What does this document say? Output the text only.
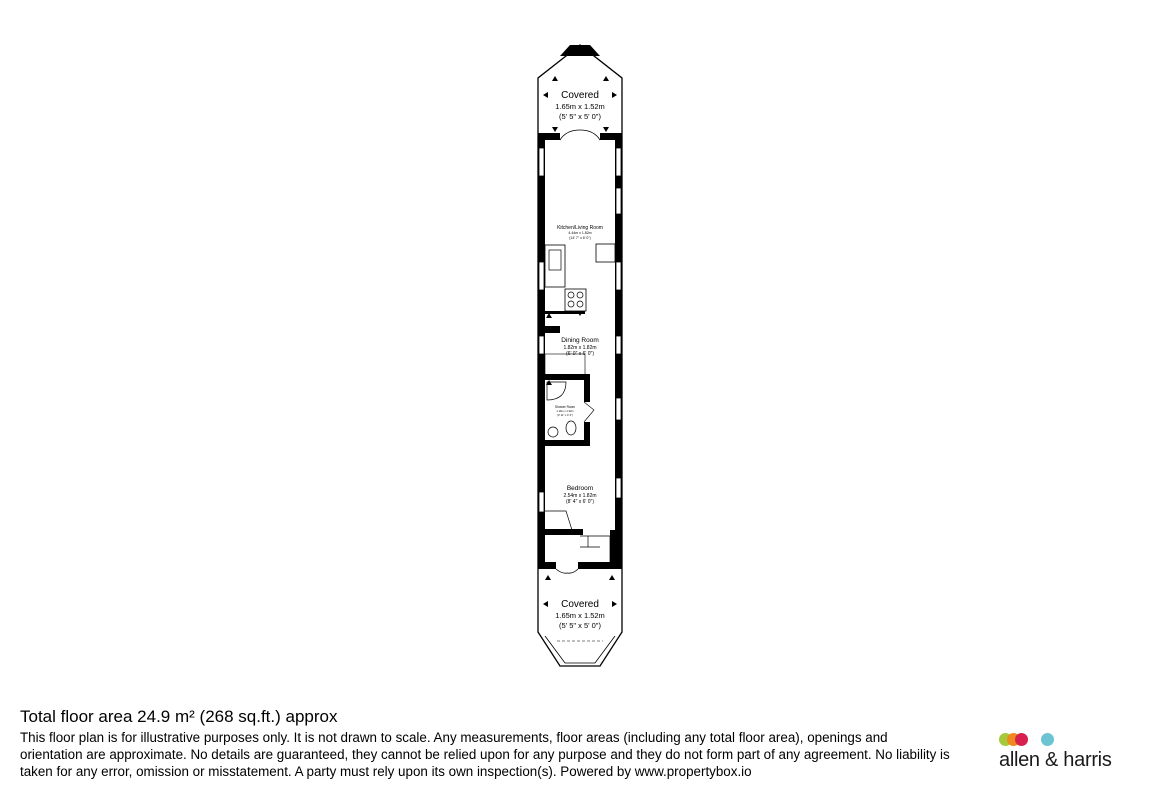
Covered
1.65m x 1.52m
(5' 5" x 5' 0")
Kitchen/Living Room
4.44m x 1.82m
(14' 7" x 6' 0")
Dining Room
1.82m x 1.82m
(6' 0" x 6' 0")
Shower Room
1.19m x 1.32m
(3' 11" x 4' 4")
Bedroom
2.54m x 1.82m
(8' 4" x 6' 0")
Covered
1.65m x 1.52m
(5' 5" x 5' 0")
Total floor area 24.9 m² (268 sq.ft.) approx
This floor plan is for illustrative purposes only. It is not drawn to scale. Any measurements, floor areas (including any total floor area), openings and orientation are approximate. No details are guaranteed, they cannot be relied upon for any purpose and they do not form part of any agreement. No liability is taken for any error, omission or misstatement. A party must rely upon its own inspection(s). Powered by www.propertybox.io
allen & harris
